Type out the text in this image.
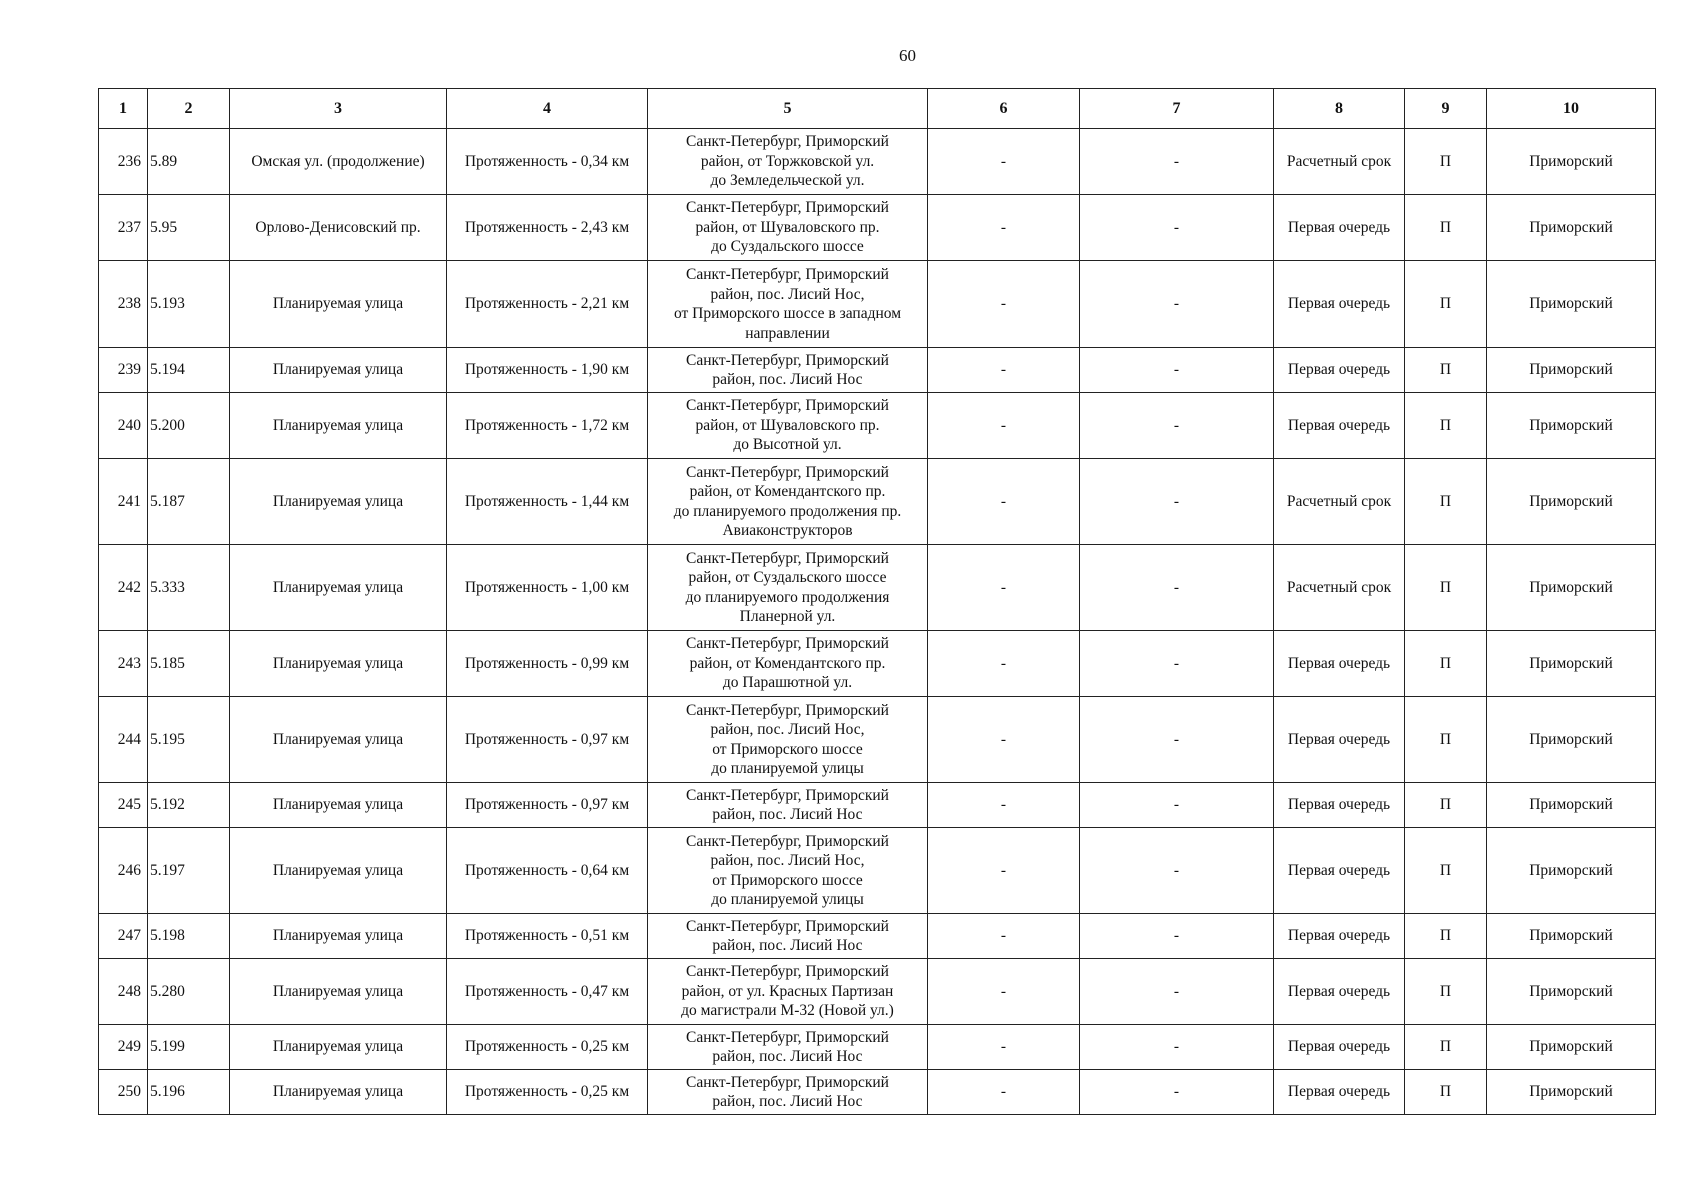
60
1	2	3	4	5	6	7	8	9	10
236	5.89	Омская ул. (продолжение)	Протяженность - 0,34 км	Санкт-Петербург, Приморский
район, от Торжковской ул.
до Земледельческой ул.	-	-	Расчетный срок	П	Приморский
237	5.95	Орлово-Денисовский пр.	Протяженность - 2,43 км	Санкт-Петербург, Приморский
район, от Шуваловского пр.
до Суздальского шоссе	-	-	Первая очередь	П	Приморский
238	5.193	Планируемая улица	Протяженность - 2,21 км	Санкт-Петербург, Приморский
район, пос. Лисий Нос,
от Приморского шоссе в западном
направлении	-	-	Первая очередь	П	Приморский
239	5.194	Планируемая улица	Протяженность - 1,90 км	Санкт-Петербург, Приморский
район, пос. Лисий Нос	-	-	Первая очередь	П	Приморский
240	5.200	Планируемая улица	Протяженность - 1,72 км	Санкт-Петербург, Приморский
район, от Шуваловского пр.
до Высотной ул.	-	-	Первая очередь	П	Приморский
241	5.187	Планируемая улица	Протяженность - 1,44 км	Санкт-Петербург, Приморский
район, от Комендантского пр.
до планируемого продолжения пр.
Авиаконструкторов	-	-	Расчетный срок	П	Приморский
242	5.333	Планируемая улица	Протяженность - 1,00 км	Санкт-Петербург, Приморский
район, от Суздальского шоссе
до планируемого продолжения
Планерной ул.	-	-	Расчетный срок	П	Приморский
243	5.185	Планируемая улица	Протяженность - 0,99 км	Санкт-Петербург, Приморский
район, от Комендантского пр.
до Парашютной ул.	-	-	Первая очередь	П	Приморский
244	5.195	Планируемая улица	Протяженность - 0,97 км	Санкт-Петербург, Приморский
район, пос. Лисий Нос,
от Приморского шоссе
до планируемой улицы	-	-	Первая очередь	П	Приморский
245	5.192	Планируемая улица	Протяженность - 0,97 км	Санкт-Петербург, Приморский
район, пос. Лисий Нос	-	-	Первая очередь	П	Приморский
246	5.197	Планируемая улица	Протяженность - 0,64 км	Санкт-Петербург, Приморский
район, пос. Лисий Нос,
от Приморского шоссе
до планируемой улицы	-	-	Первая очередь	П	Приморский
247	5.198	Планируемая улица	Протяженность - 0,51 км	Санкт-Петербург, Приморский
район, пос. Лисий Нос	-	-	Первая очередь	П	Приморский
248	5.280	Планируемая улица	Протяженность - 0,47 км	Санкт-Петербург, Приморский
район, от ул. Красных Партизан
до магистрали М-32 (Новой ул.)	-	-	Первая очередь	П	Приморский
249	5.199	Планируемая улица	Протяженность - 0,25 км	Санкт-Петербург, Приморский
район, пос. Лисий Нос	-	-	Первая очередь	П	Приморский
250	5.196	Планируемая улица	Протяженность - 0,25 км	Санкт-Петербург, Приморский
район, пос. Лисий Нос	-	-	Первая очередь	П	Приморский
